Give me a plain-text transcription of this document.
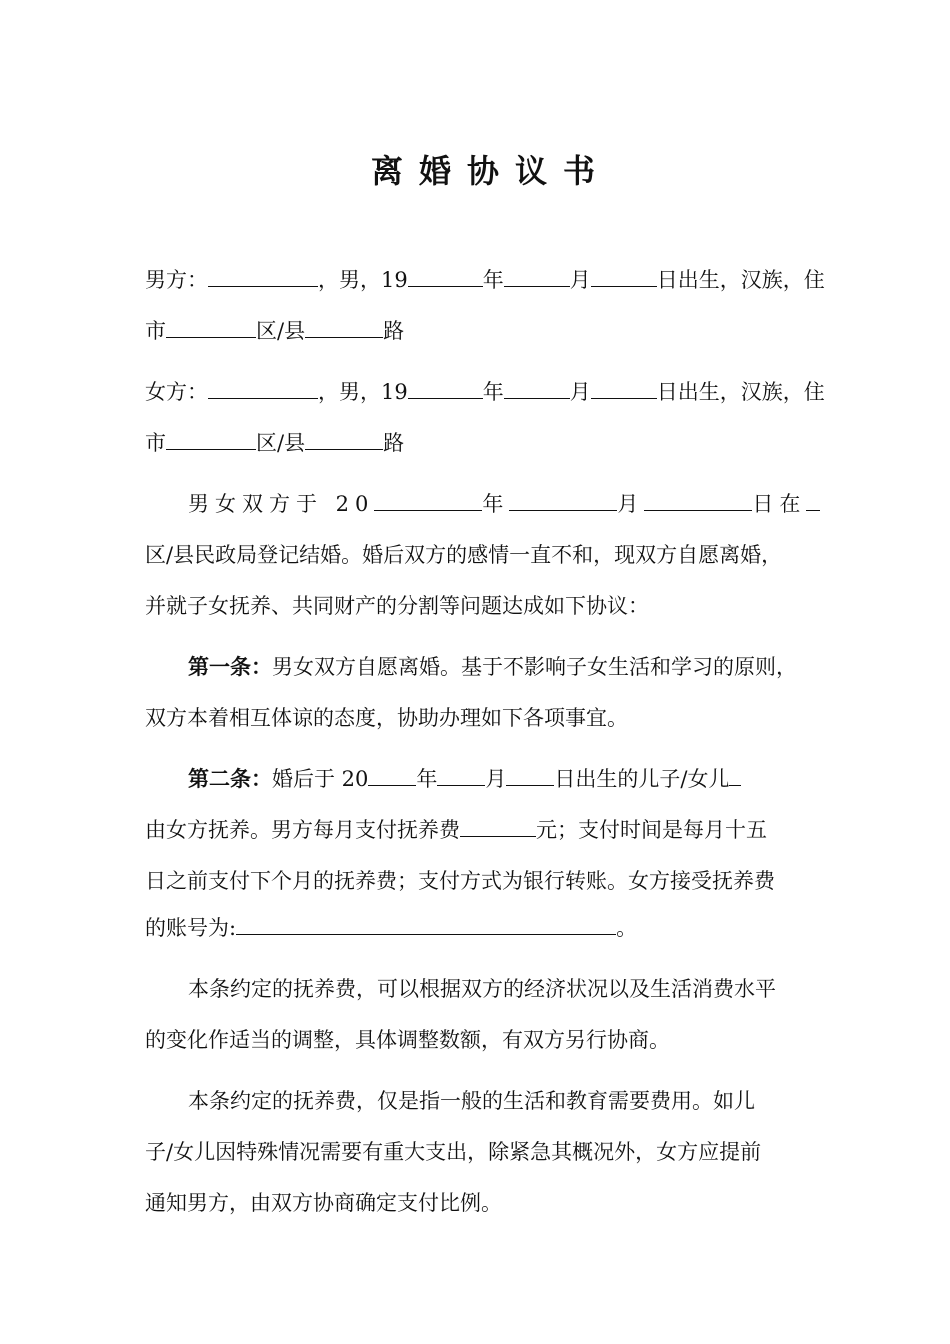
离婚协议书
男方：	，男，19	年	月	日出生，汉族，住
市	区/县	路
女方：	，男，19	年	月	日出生，汉族，住
市	区/县	路
男女双方于 20	年	月	日在
区/县民政局登记结婚。婚后双方的感情一直不和，现双方自愿离婚，
并就子女抚养、共同财产的分割等问题达成如下协议：
第一条：男女双方自愿离婚。基于不影响子女生活和学习的原则，
双方本着相互体谅的态度，协助办理如下各项事宜。
第二条：婚后于 20 年 月 日出生的儿子/女儿
由女方抚养。男方每月支付抚养费	元；支付时间是每月十五
日之前支付下个月的抚养费；支付方式为银行转账。女方接受抚养费
的账号为:	。
本条约定的抚养费，可以根据双方的经济状况以及生活消费水平
的变化作适当的调整，具体调整数额，有双方另行协商。
本条约定的抚养费，仅是指一般的生活和教育需要费用。如儿
子/女儿因特殊情况需要有重大支出，除紧急其概况外，女方应提前
通知男方，由双方协商确定支付比例。
